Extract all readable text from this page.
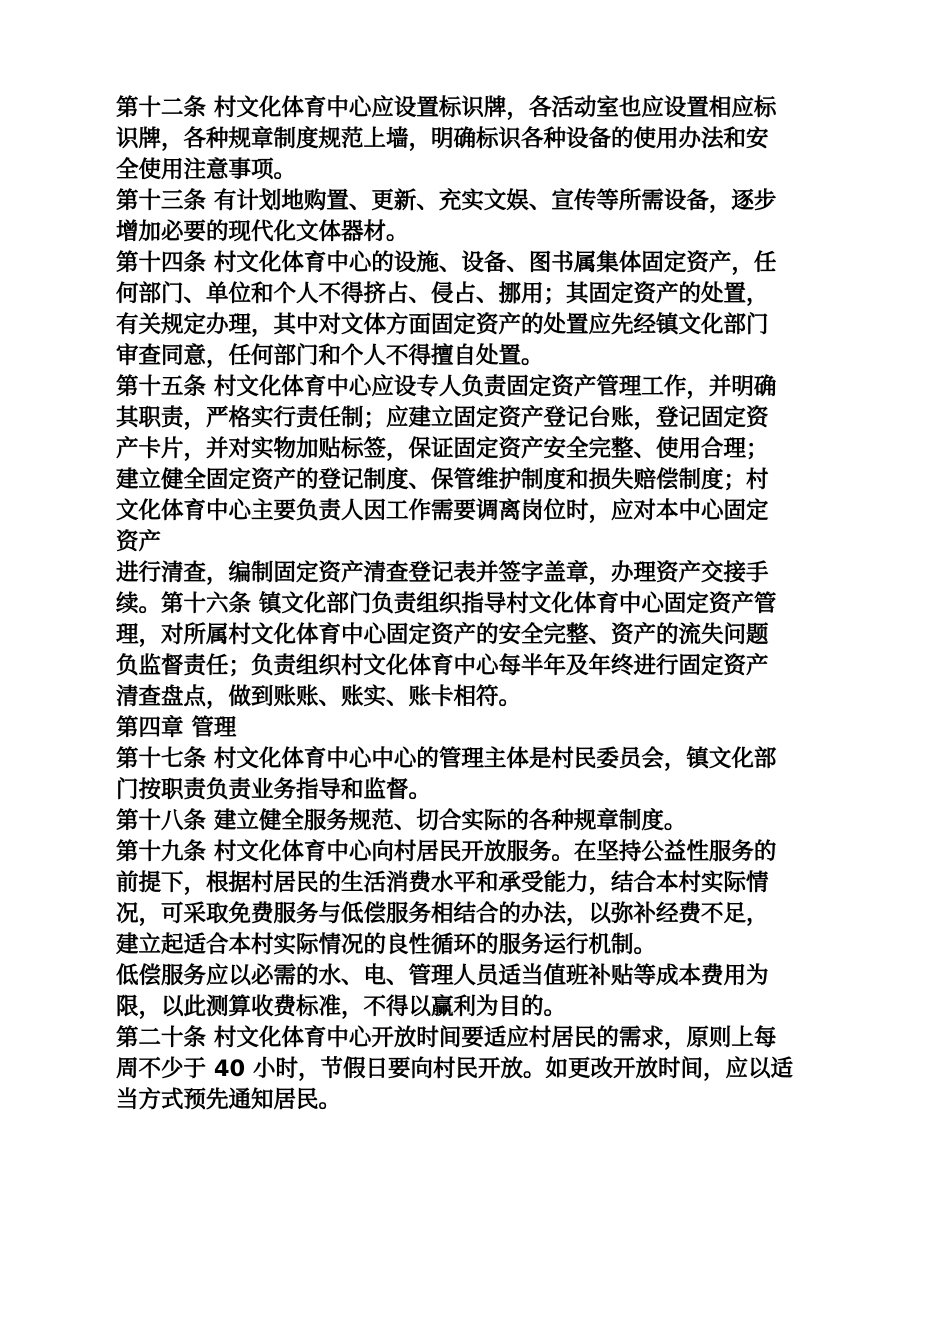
第十二条 村文化体育中心应设置标识牌，各活动室也应设置相应标
识牌，各种规章制度规范上墙，明确标识各种设备的使用办法和安
全使用注意事项。
第十三条 有计划地购置、更新、充实文娱、宣传等所需设备，逐步
增加必要的现代化文体器材。
第十四条 村文化体育中心的设施、设备、图书属集体固定资产，任
何部门、单位和个人不得挤占、侵占、挪用；其固定资产的处置，
有关规定办理，其中对文体方面固定资产的处置应先经镇文化部门
审查同意，任何部门和个人不得擅自处置。
第十五条 村文化体育中心应设专人负责固定资产管理工作，并明确
其职责，严格实行责任制；应建立固定资产登记台账，登记固定资
产卡片，并对实物加贴标签，保证固定资产安全完整、使用合理；
建立健全固定资产的登记制度、保管维护制度和损失赔偿制度；村
文化体育中心主要负责人因工作需要调离岗位时，应对本中心固定
资产
进行清查，编制固定资产清查登记表并签字盖章，办理资产交接手
续。第十六条 镇文化部门负责组织指导村文化体育中心固定资产管
理，对所属村文化体育中心固定资产的安全完整、资产的流失问题
负监督责任；负责组织村文化体育中心每半年及年终进行固定资产
清查盘点，做到账账、账实、账卡相符。
第四章 管理
第十七条 村文化体育中心中心的管理主体是村民委员会，镇文化部
门按职责负责业务指导和监督。
第十八条 建立健全服务规范、切合实际的各种规章制度。
第十九条 村文化体育中心向村居民开放服务。在坚持公益性服务的
前提下，根据村居民的生活消费水平和承受能力，结合本村实际情
况，可采取免费服务与低偿服务相结合的办法，以弥补经费不足，
建立起适合本村实际情况的良性循环的服务运行机制。
低偿服务应以必需的水、电、管理人员适当值班补贴等成本费用为
限，以此测算收费标准，不得以赢利为目的。
第二十条 村文化体育中心开放时间要适应村居民的需求，原则上每
周不少于 40 小时，节假日要向村民开放。如更改开放时间，应以适
当方式预先通知居民。
